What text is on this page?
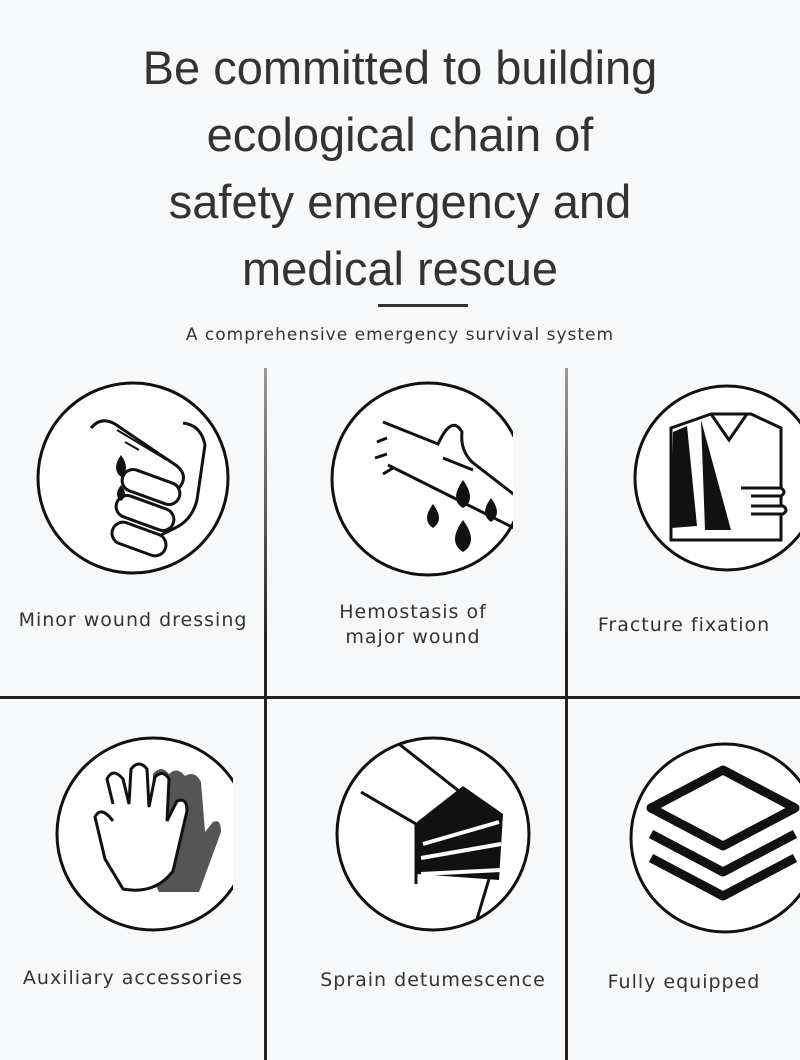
Be committed to building
ecological chain of
safety emergency and
medical rescue
A comprehensive emergency survival system
Minor wound dressing	Hemostasis of
major wound
Fracture fixation
Auxiliary accessories	Sprain detumescence	Fully equipped
